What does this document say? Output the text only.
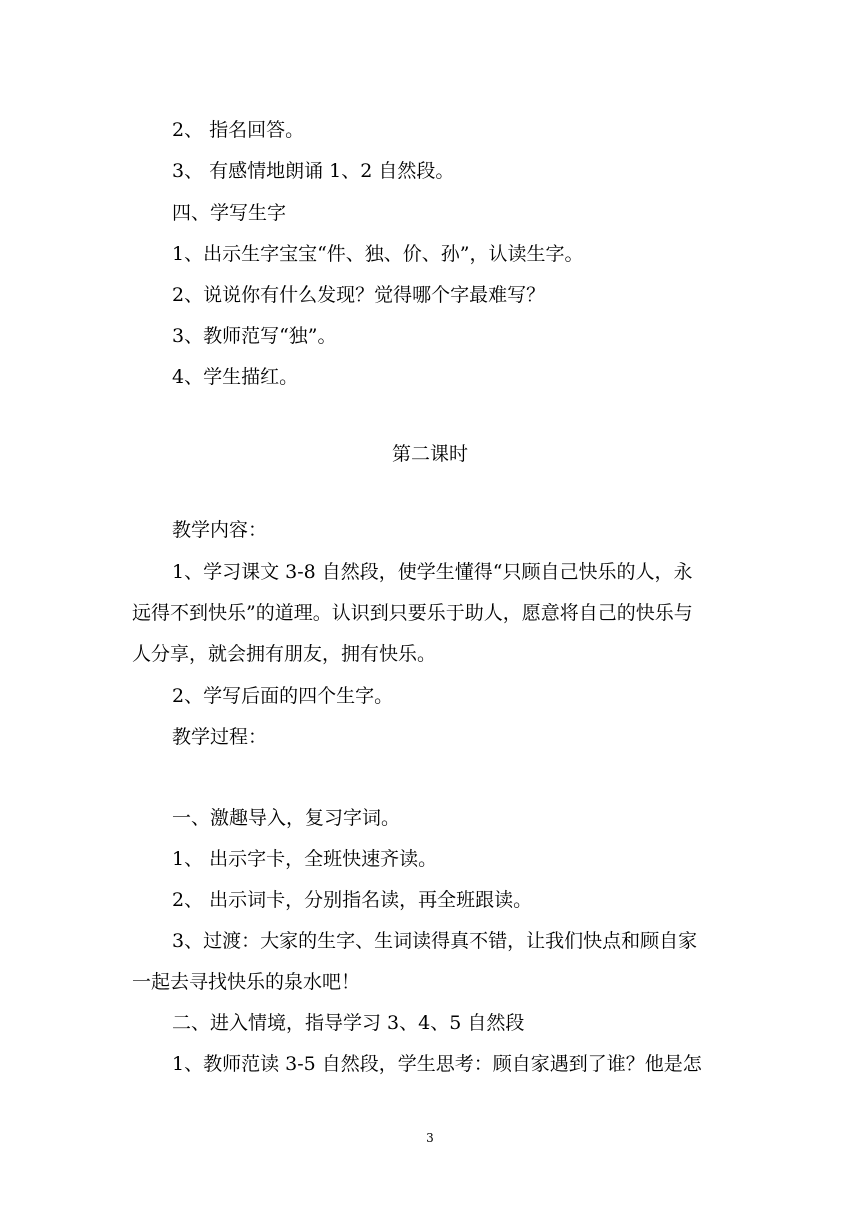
2、 指名回答。
3、 有感情地朗诵 1、2 自然段。
四、学写生字
1、出示生字宝宝“件、独、价、孙”，认读生字。
2、说说你有什么发现？觉得哪个字最难写？
3、教师范写“独”。
4、学生描红。
第二课时
教学内容：
1、学习课文 3-8 自然段，使学生懂得“只顾自己快乐的人，永
远得不到快乐”的道理。认识到只要乐于助人，愿意将自己的快乐与
人分享，就会拥有朋友，拥有快乐。
2、学写后面的四个生字。
教学过程：
一、激趣导入，复习字词。
1、 出示字卡，全班快速齐读。
2、 出示词卡，分别指名读，再全班跟读。
3、过渡：大家的生字、生词读得真不错，让我们快点和顾自家
一起去寻找快乐的泉水吧！
二、进入情境，指导学习 3、4、5 自然段
1、教师范读 3-5 自然段，学生思考：顾自家遇到了谁？他是怎
3
